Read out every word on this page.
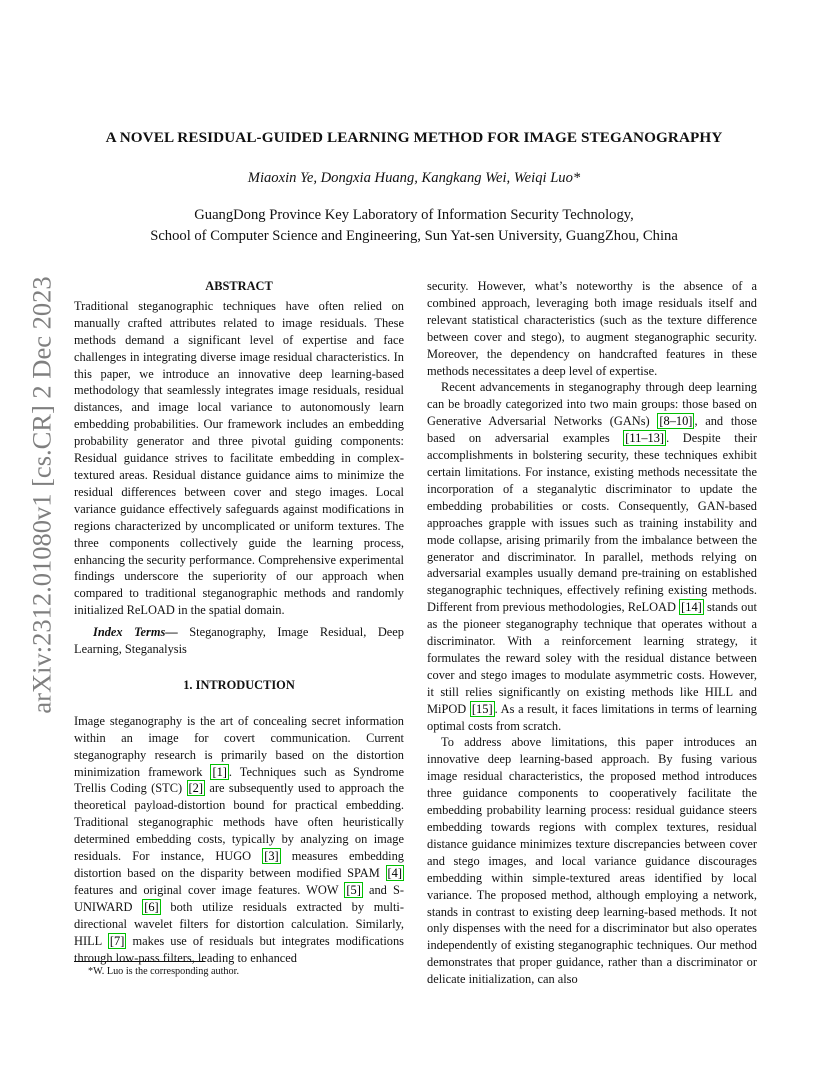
A NOVEL RESIDUAL-GUIDED LEARNING METHOD FOR IMAGE STEGANOGRAPHY
Miaoxin Ye, Dongxia Huang, Kangkang Wei, Weiqi Luo*
GuangDong Province Key Laboratory of Information Security Technology,
School of Computer Science and Engineering, Sun Yat-sen University, GuangZhou, China
arXiv:2312.01080v1 [cs.CR] 2 Dec 2023	ABSTRACT

Traditional steganographic techniques have often relied on manually crafted attributes related to image residuals. These methods demand a significant level of expertise and face challenges in integrating diverse image residual characteristics. In this paper, we introduce an innovative deep learning-based methodology that seamlessly integrates image residuals, residual distances, and image local variance to autonomously learn embedding probabilities. Our framework includes an embedding probability generator and three pivotal guiding components: Residual guidance strives to facilitate embedding in complex-textured areas. Residual distance guidance aims to minimize the residual differences between cover and stego images. Local variance guidance effectively safeguards against modifications in regions characterized by uncomplicated or uniform textures. The three components collectively guide the learning process, enhancing the security performance. Comprehensive experimental findings underscore the superiority of our approach when compared to traditional steganographic methods and randomly initialized ReLOAD in the spatial domain.

Index Terms— Steganography, Image Residual, Deep Learning, Steganalysis

1. INTRODUCTION

Image steganography is the art of concealing secret information within an image for covert communication. Current steganography research is primarily based on the distortion minimization framework [1] . Techniques such as Syndrome Trellis Coding (STC) [2] are subsequently used to approach the theoretical payload-distortion bound for practical embedding. Traditional steganographic methods have often heuristically determined embedding costs, typically by analyzing on image residuals. For instance, HUGO [3] measures embedding distortion based on the disparity between modified SPAM [4] features and original cover image features. WOW [5] and S-UNIWARD [6] both utilize residuals extracted by multi-directional wavelet filters for distortion calculation. Similarly, HILL [7] makes use of residuals but integrates modifications through low-pass filters, leading to enhanced

security. However, what’s noteworthy is the absence of a combined approach, leveraging both image residuals itself and relevant statistical characteristics (such as the texture difference between cover and stego), to augment steganographic security. Moreover, the dependency on handcrafted features in these methods necessitates a deep level of expertise.

Recent advancements in steganography through deep learning can be broadly categorized into two main groups: those based on Generative Adversarial Networks (GANs) [8–10] , and those based on adversarial examples [11–13] . Despite their accomplishments in bolstering security, these techniques exhibit certain limitations. For instance, existing methods necessitate the incorporation of a steganalytic discriminator to update the embedding probabilities or costs. Consequently, GAN-based approaches grapple with issues such as training instability and mode collapse, arising primarily from the imbalance between the generator and discriminator. In parallel, methods relying on adversarial examples usually demand pre-training on established steganographic techniques, effectively refining existing methods. Different from previous methodologies, ReLOAD [14] stands out as the pioneer steganography technique that operates without a discriminator. With a reinforcement learning strategy, it formulates the reward soley with the residual distance between cover and stego images to modulate asymmetric costs. However, it still relies significantly on existing methods like HILL and MiPOD [15] . As a result, it faces limitations in terms of learning optimal costs from scratch.

To address above limitations, this paper introduces an innovative deep learning-based approach. By fusing various image residual characteristics, the proposed method introduces three guidance components to cooperatively facilitate the embedding probability learning process: residual guidance steers embedding towards regions with complex textures, residual distance guidance minimizes texture discrepancies between cover and stego images, and local variance guidance discourages embedding within simple-textured areas identified by local variance. The proposed method, although employing a network, stands in contrast to existing deep learning-based methods. It not only dispenses with the need for a discriminator but also operates independently of existing steganographic techniques. Our method demonstrates that proper guidance, rather than a discriminator or delicate initialization, can also

*W. Luo is the corresponding author.
